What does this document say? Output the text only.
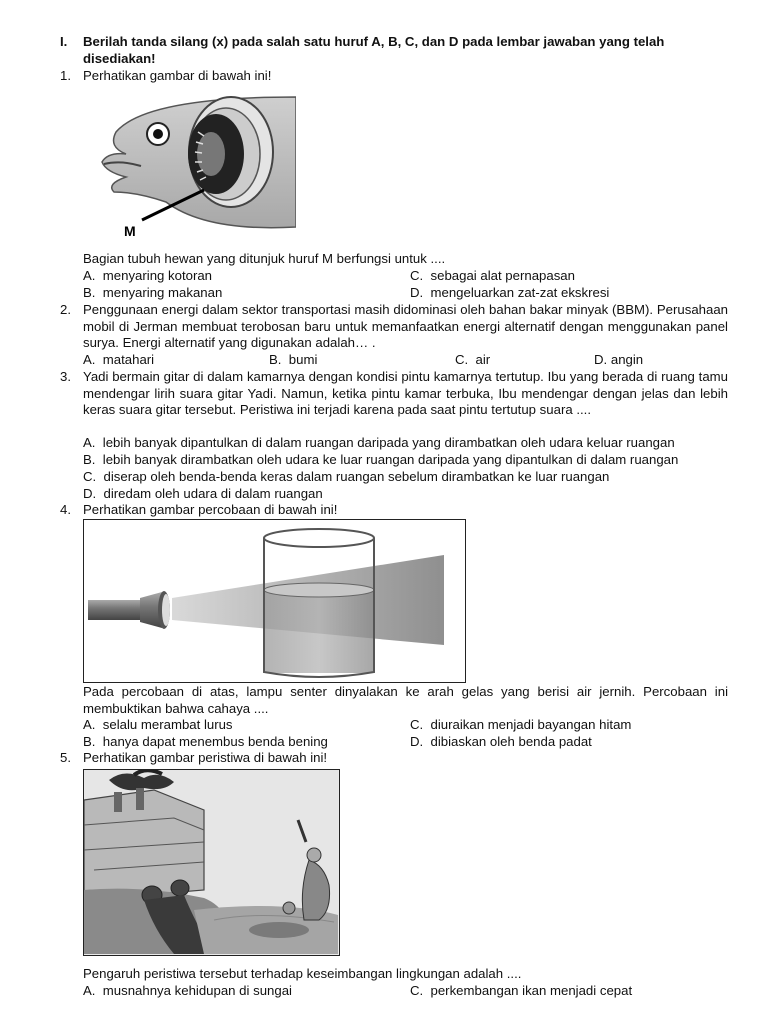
I. Berilah tanda silang (x) pada salah satu huruf A, B, C, dan D pada lembar jawaban yang telah disediakan!
1. Perhatikan gambar di bawah ini!
M
Bagian tubuh hewan yang ditunjuk huruf M berfungsi untuk ....
A. menyaring kotoran	C. sebagai alat pernapasan
B. menyaring makanan	D. mengeluarkan zat-zat ekskresi
2. Penggunaan energi dalam sektor transportasi masih didominasi oleh bahan bakar minyak (BBM). Perusahaan mobil di Jerman membuat terobosan baru untuk memanfaatkan energi alternatif dengan menggunakan panel surya. Energi alternatif yang digunakan adalah… .
A. matahari	B. bumi	C. air	D. angin
3. Yadi bermain gitar di dalam kamarnya dengan kondisi pintu kamarnya tertutup. Ibu yang berada di ruang tamu mendengar lirih suara gitar Yadi. Namun, ketika pintu kamar terbuka, Ibu mendengar dengan jelas dan lebih keras suara gitar tersebut. Peristiwa ini terjadi karena pada saat pintu tertutup suara ....
A. lebih banyak dipantulkan di dalam ruangan daripada yang dirambatkan oleh udara keluar ruangan
B. lebih banyak dirambatkan oleh udara ke luar ruangan daripada yang dipantulkan di dalam ruangan
C. diserap oleh benda-benda keras dalam ruangan sebelum dirambatkan ke luar ruangan
D. diredam oleh udara di dalam ruangan
4. Perhatikan gambar percobaan di bawah ini!
Pada percobaan di atas, lampu senter dinyalakan ke arah gelas yang berisi air jernih. Percobaan ini membuktikan bahwa cahaya ....
A. selalu merambat lurus	C. diuraikan menjadi bayangan hitam
B. hanya dapat menembus benda bening	D. dibiaskan oleh benda padat
5. Perhatikan gambar peristiwa di bawah ini!
Pengaruh peristiwa tersebut terhadap keseimbangan lingkungan adalah ....
A. musnahnya kehidupan di sungai	C. perkembangan ikan menjadi cepat
